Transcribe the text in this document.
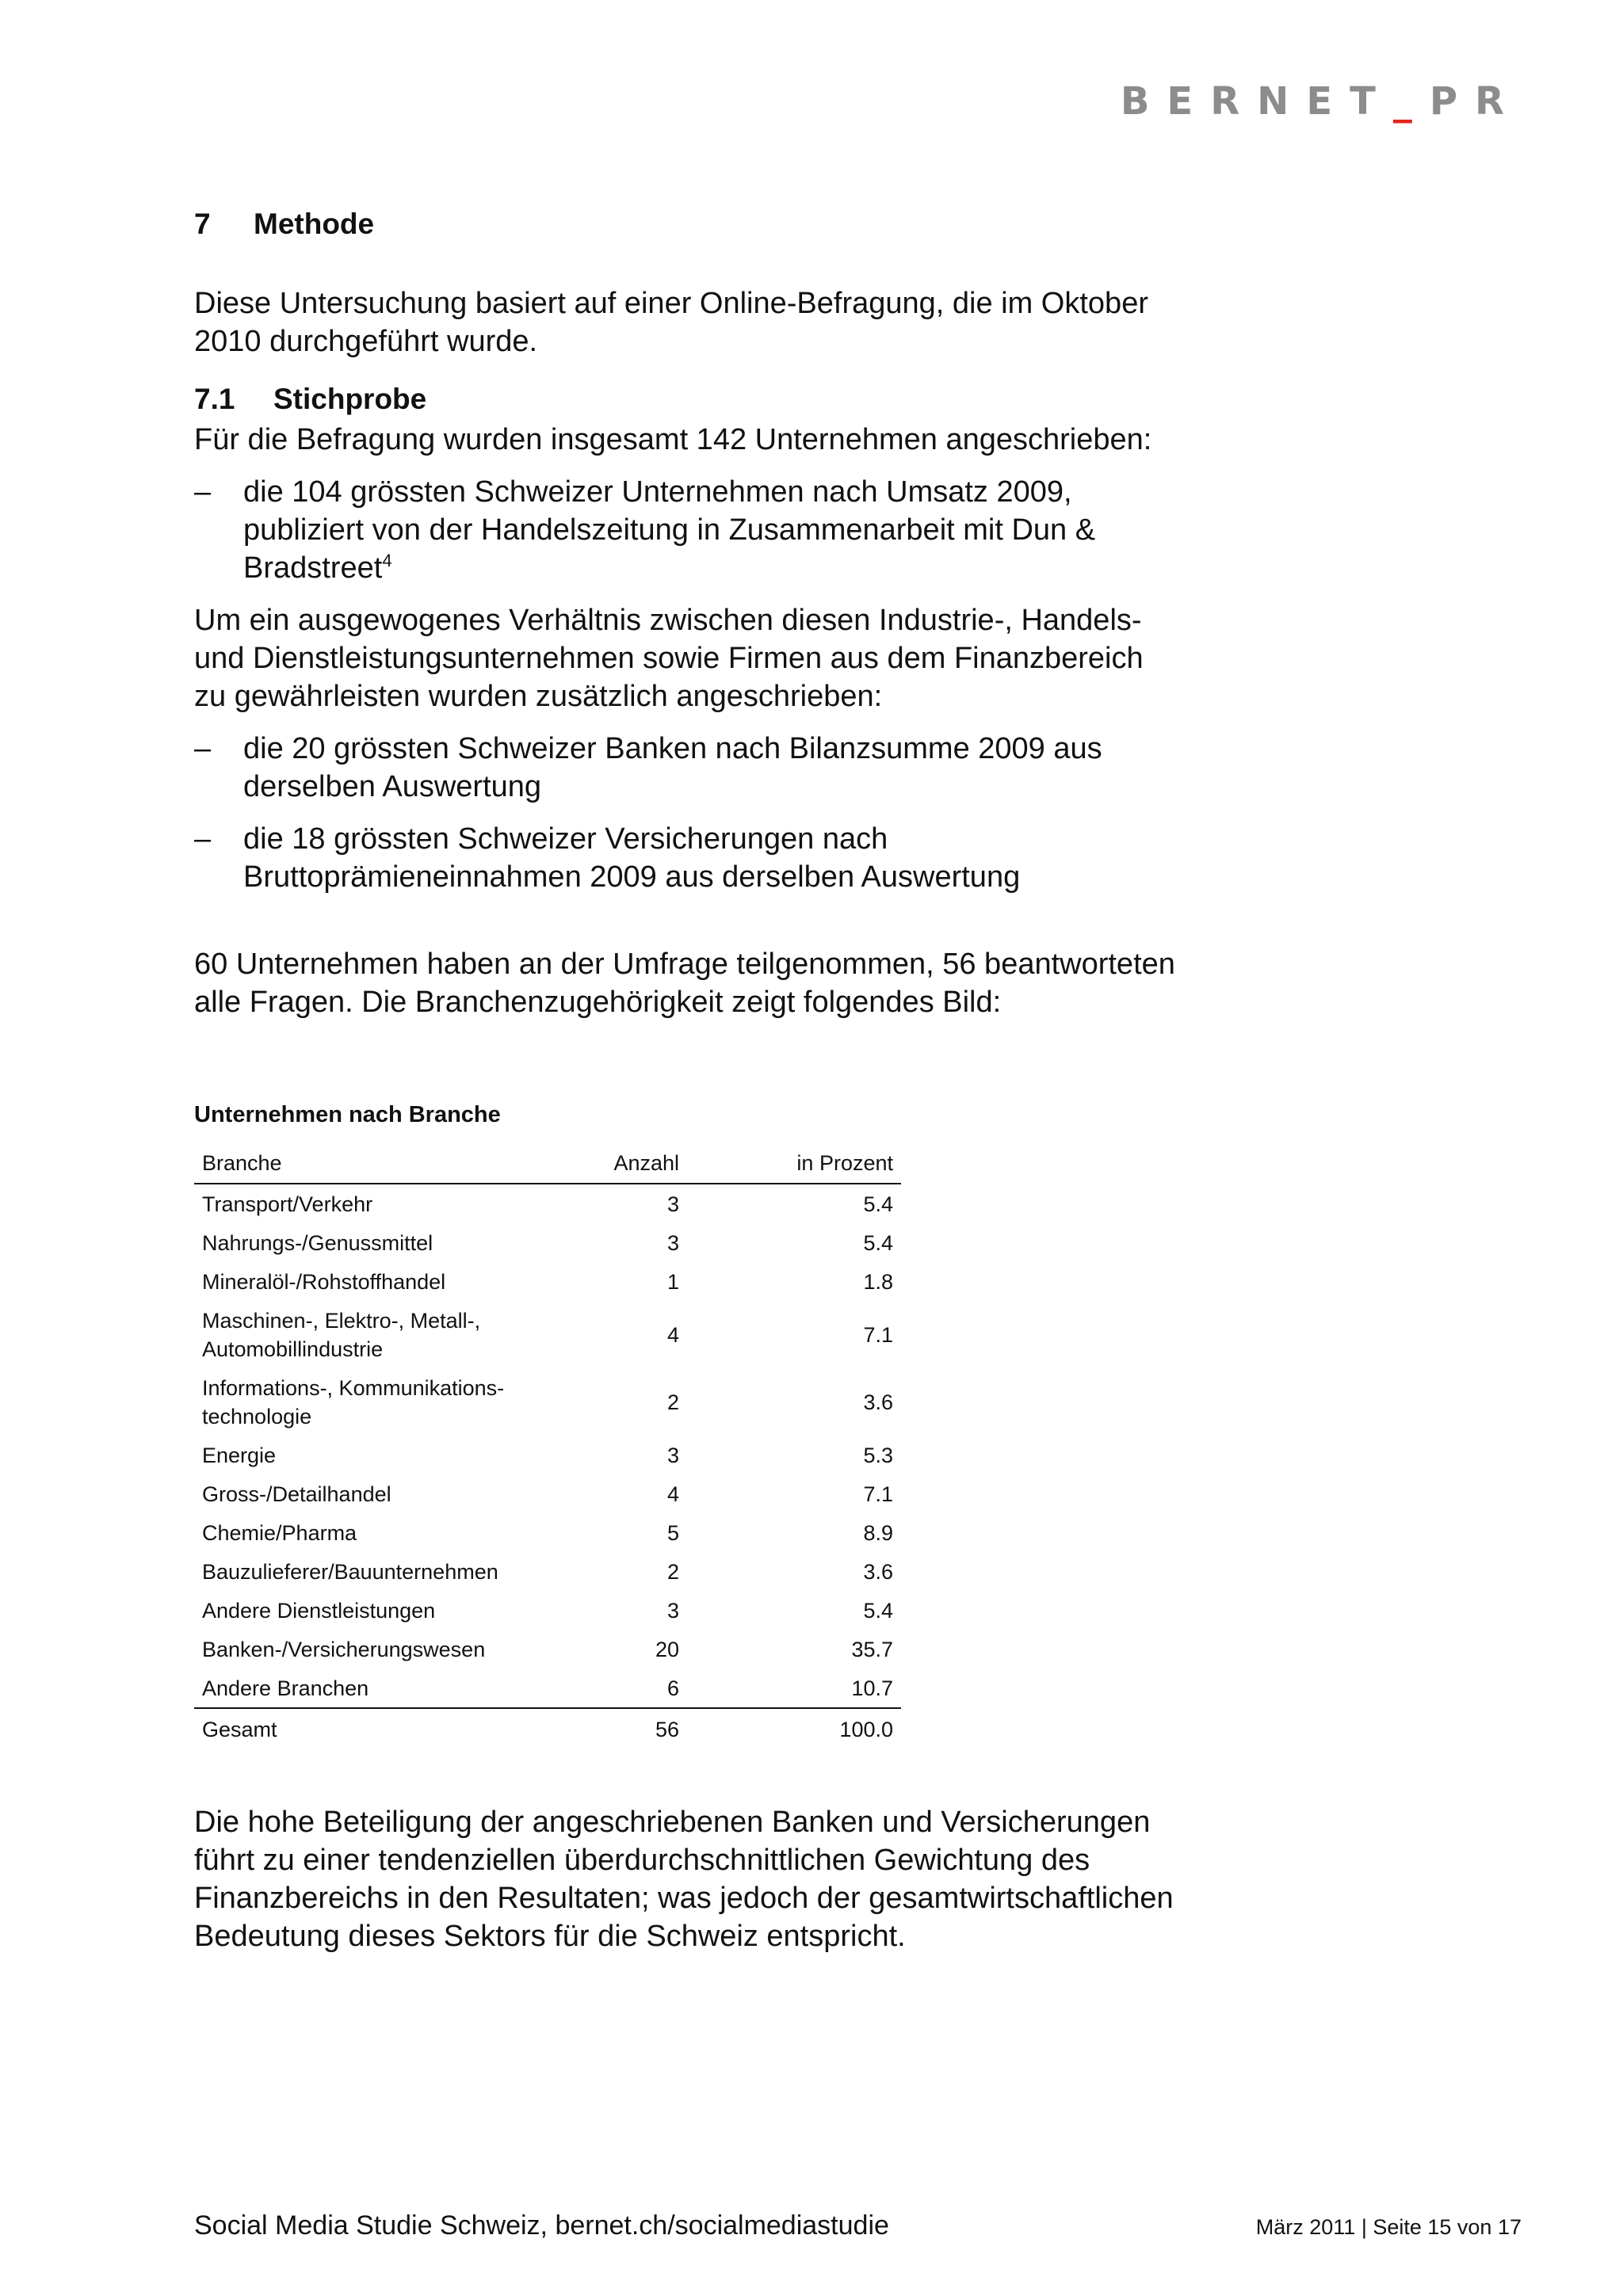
BERNET_PR
7	Methode

Diese Untersuchung basiert auf einer Online-Befragung, die im Oktober 2010 durchgeführt wurde.

7.1	Stichprobe

Für die Befragung wurden insgesamt 142 Unternehmen angeschrieben:

–	die 104 grössten Schweizer Unternehmen nach Umsatz 2009, publiziert von der Handelszeitung in Zusammenarbeit mit Dun & Bradstreet$^4$

Um ein ausgewogenes Verhältnis zwischen diesen Industrie-, Handels- und Dienstleistungsunternehmen sowie Firmen aus dem Finanzbereich zu gewährleisten wurden zusätzlich angeschrieben:

–	die 20 grössten Schweizer Banken nach Bilanzsumme 2009 aus derselben Auswertung
–	die 18 grössten Schweizer Versicherungen nach Bruttoprämieneinnahmen 2009 aus derselben Auswertung

60 Unternehmen haben an der Umfrage teilgenommen, 56 beantworteten alle Fragen. Die Branchenzugehörigkeit zeigt folgendes Bild:

Unternehmen nach Branche

Branche	Anzahl	in Prozent
Transport/Verkehr	3	5.4
Nahrungs-/Genussmittel	3	5.4
Mineralöl-/Rohstoffhandel	1	1.8
Maschinen-, Elektro-, Metall-,
Automobillindustrie	4	7.1
Informations-, Kommunikations-
technologie	2	3.6
Energie	3	5.3
Gross-/Detailhandel	4	7.1
Chemie/Pharma	5	8.9
Bauzulieferer/Bauunternehmen	2	3.6
Andere Dienstleistungen	3	5.4
Banken-/Versicherungswesen	20	35.7
Andere Branchen	6	10.7
Gesamt	56	100.0

Die hohe Beteiligung der angeschriebenen Banken und Versicherungen führt zu einer tendenziellen überdurchschnittlichen Gewichtung des Finanzbereichs in den Resultaten; was jedoch der gesamtwirtschaftlichen Bedeutung dieses Sektors für die Schweiz entspricht.

Social Media Studie Schweiz, bernet.ch/socialmediastudie	März 2011 | Seite 15 von 17
